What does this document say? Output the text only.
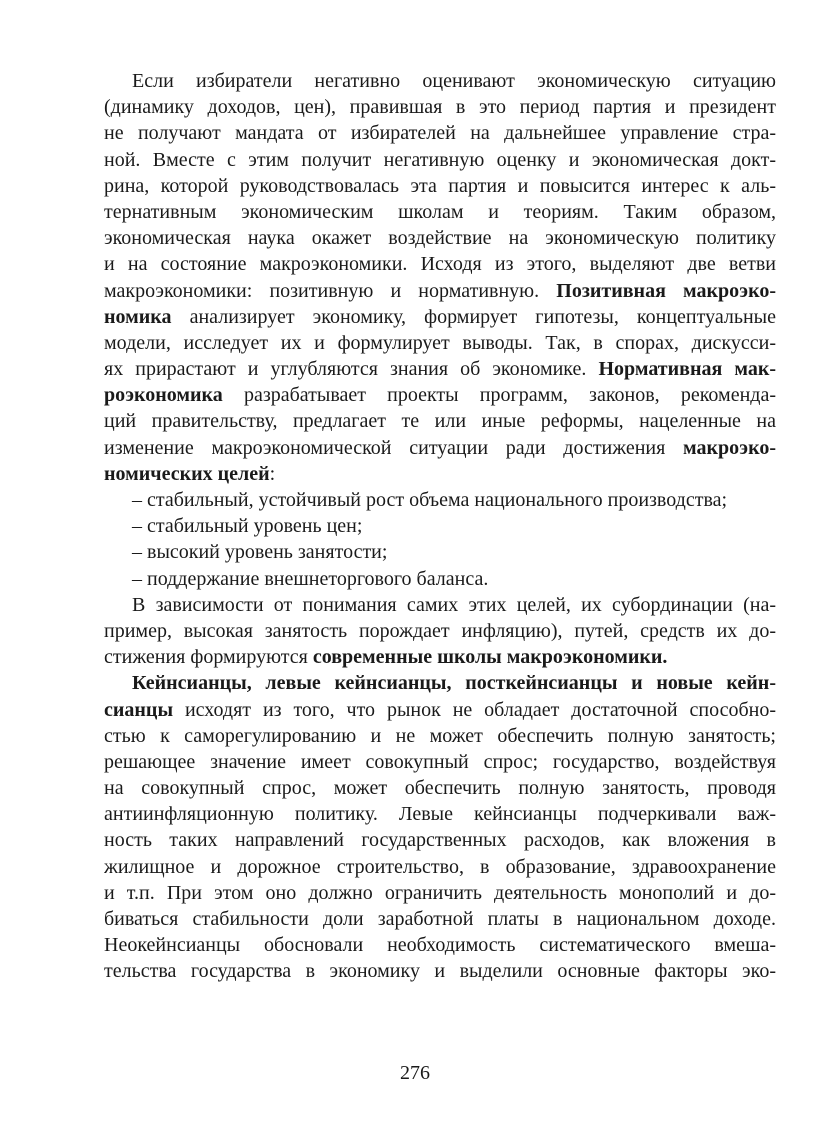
Если избиратели негативно оценивают экономическую ситуацию
(динамику доходов, цен), правившая в это период партия и президент
не получают мандата от избирателей на дальнейшее управление стра-
ной. Вместе с этим получит негативную оценку и экономическая докт-
рина, которой руководствовалась эта партия и повысится интерес к аль-
тернативным экономическим школам и теориям. Таким образом,
экономическая наука окажет воздействие на экономическую политику
и на состояние макроэкономики. Исходя из этого, выделяют две ветви
макроэкономики: позитивную и нормативную. Позитивная макроэко-
номика анализирует экономику, формирует гипотезы, концептуальные
модели, исследует их и формулирует выводы. Так, в спорах, дискусси-
ях прирастают и углубляются знания об экономике. Нормативная мак-
роэкономика разрабатывает проекты программ, законов, рекоменда-
ций правительству, предлагает те или иные реформы, нацеленные на
изменение макроэкономической ситуации ради достижения макроэко-
номических целей:
– стабильный, устойчивый рост объема национального производства;
– стабильный уровень цен;
– высокий уровень занятости;
– поддержание внешнеторгового баланса.
В зависимости от понимания самих этих целей, их субординации (на-
пример, высокая занятость порождает инфляцию), путей, средств их до-
стижения формируются современные школы макроэкономики.
Кейнсианцы, левые кейнсианцы, посткейнсианцы и новые кейн-
сианцы исходят из того, что рынок не обладает достаточной способно-
стью к саморегулированию и не может обеспечить полную занятость;
решающее значение имеет совокупный спрос; государство, воздействуя
на совокупный спрос, может обеспечить полную занятость, проводя
антиинфляционную политику. Левые кейнсианцы подчеркивали важ-
ность таких направлений государственных расходов, как вложения в
жилищное и дорожное строительство, в образование, здравоохранение
и т.п. При этом оно должно ограничить деятельность монополий и до-
биваться стабильности доли заработной платы в национальном доходе.
Неокейнсианцы обосновали необходимость систематического вмеша-
тельства государства в экономику и выделили основные факторы эко-
276
